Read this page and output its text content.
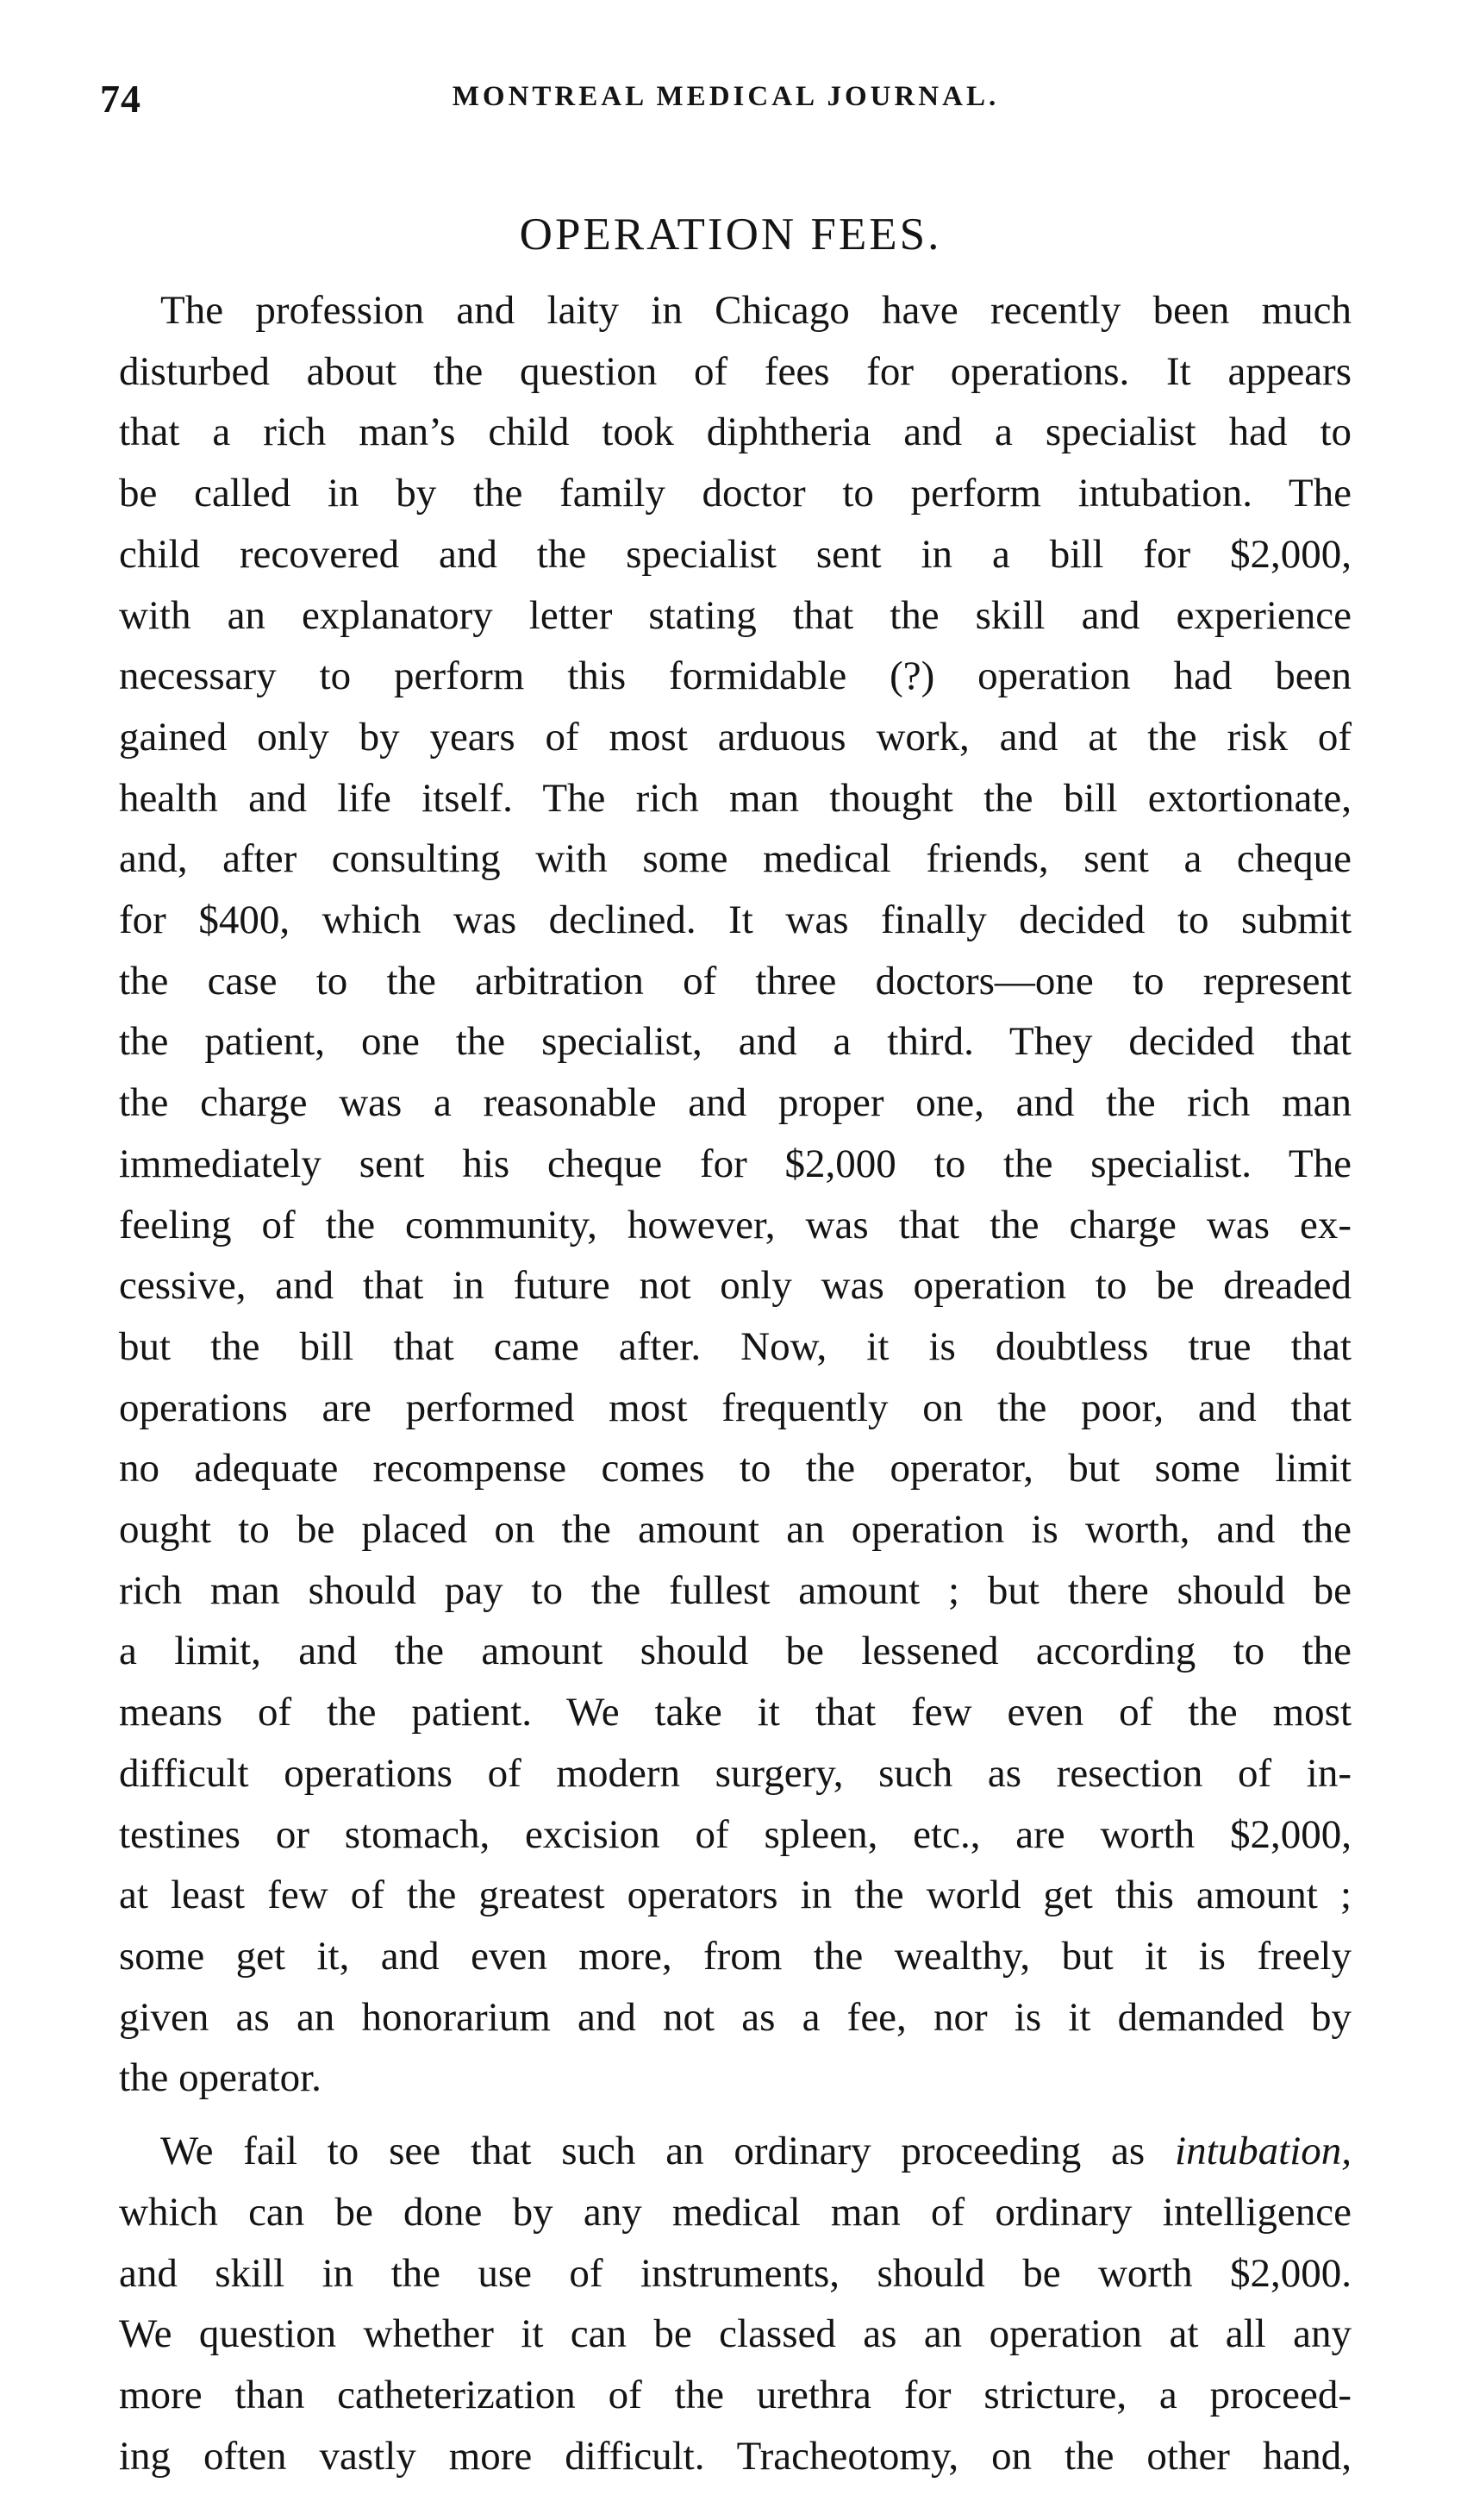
74	MONTREAL MEDICAL JOURNAL.
OPERATION FEES.
The profession and laity in Chicago have recently been much
disturbed about the question of fees for operations. It appears
that a rich man’s child took diphtheria and a specialist had to
be called in by the family doctor to perform intubation. The
child recovered and the specialist sent in a bill for $2,000,
with an explanatory letter stating that the skill and experience
necessary to perform this formidable (?) operation had been
gained only by years of most arduous work, and at the risk of
health and life itself. The rich man thought the bill extortionate,
and, after consulting with some medical friends, sent a cheque
for $400, which was declined. It was finally decided to submit
the case to the arbitration of three doctors—one to represent
the patient, one the specialist, and a third. They decided that
the charge was a reasonable and proper one, and the rich man
immediately sent his cheque for $2,000 to the specialist. The
feeling of the community, however, was that the charge was ex-
cessive, and that in future not only was operation to be dreaded
but the bill that came after. Now, it is doubtless true that
operations are performed most frequently on the poor, and that
no adequate recompense comes to the operator, but some limit
ought to be placed on the amount an operation is worth, and the
rich man should pay to the fullest amount ; but there should be
a limit, and the amount should be lessened according to the
means of the patient. We take it that few even of the most
difficult operations of modern surgery, such as resection of in-
testines or stomach, excision of spleen, etc., are worth $2,000,
at least few of the greatest operators in the world get this amount ;
some get it, and even more, from the wealthy, but it is freely
given as an honorarium and not as a fee, nor is it demanded by
the operator.
We fail to see that such an ordinary proceeding as intubation,
which can be done by any medical man of ordinary intelligence
and skill in the use of instruments, should be worth $2,000.
We question whether it can be classed as an operation at all any
more than catheterization of the urethra for stricture, a proceed-
ing often vastly more difficult. Tracheotomy, on the other hand,
